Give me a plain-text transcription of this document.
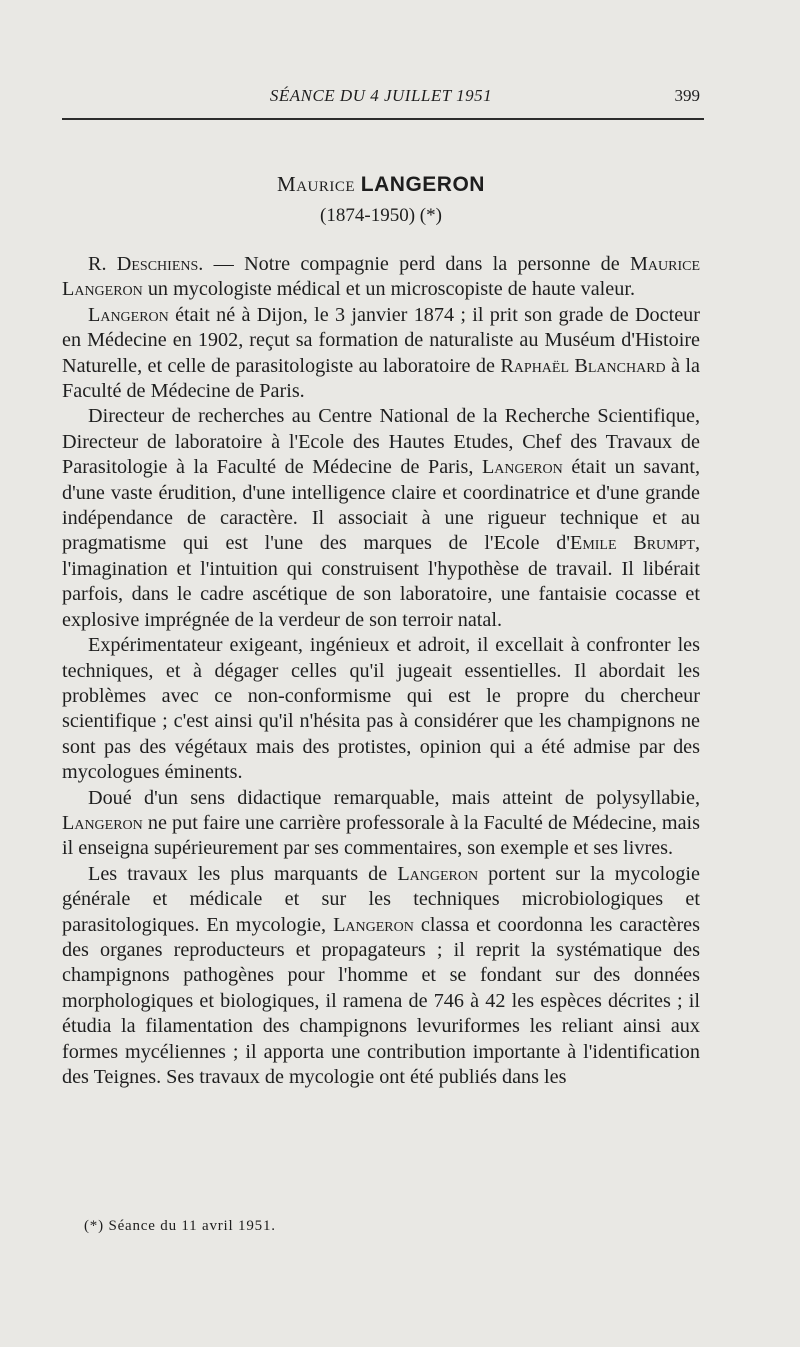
SÉANCE DU 4 JUILLET 1951	399
Maurice LANGERON
(1874-1950) (*)

R. Deschiens. — Notre compagnie perd dans la personne de Maurice Langeron un mycologiste médical et un microscopiste de haute valeur.

Langeron était né à Dijon, le 3 janvier 1874 ; il prit son grade de Docteur en Médecine en 1902, reçut sa formation de naturaliste au Muséum d'Histoire Naturelle, et celle de parasitologiste au laboratoire de Raphaël Blanchard à la Faculté de Médecine de Paris.

Directeur de recherches au Centre National de la Recherche Scientifique, Directeur de laboratoire à l'Ecole des Hautes Etudes, Chef des Travaux de Parasitologie à la Faculté de Médecine de Paris, Langeron était un savant, d'une vaste érudition, d'une intelligence claire et coordinatrice et d'une grande indépendance de caractère. Il associait à une rigueur technique et au pragmatisme qui est l'une des marques de l'Ecole d'Emile Brumpt, l'imagination et l'intuition qui construisent l'hypothèse de travail. Il libérait parfois, dans le cadre ascétique de son laboratoire, une fantaisie cocasse et explosive imprégnée de la verdeur de son terroir natal.

Expérimentateur exigeant, ingénieux et adroit, il excellait à confronter les techniques, et à dégager celles qu'il jugeait essentielles. Il abordait les problèmes avec ce non-conformisme qui est le propre du chercheur scientifique ; c'est ainsi qu'il n'hésita pas à considérer que les champignons ne sont pas des végétaux mais des protistes, opinion qui a été admise par des mycologues éminents.

Doué d'un sens didactique remarquable, mais atteint de polysyllabie, Langeron ne put faire une carrière professorale à la Faculté de Médecine, mais il enseigna supérieurement par ses commentaires, son exemple et ses livres.

Les travaux les plus marquants de Langeron portent sur la mycologie générale et médicale et sur les techniques microbiologiques et parasitologiques. En mycologie, Langeron classa et coordonna les caractères des organes reproducteurs et propagateurs ; il reprit la systématique des champignons pathogènes pour l'homme et se fondant sur des données morphologiques et biologiques, il ramena de 746 à 42 les espèces décrites ; il étudia la filamentation des champignons levuriformes les reliant ainsi aux formes mycéliennes ; il apporta une contribution importante à l'identification des Teignes. Ses travaux de mycologie ont été publiés dans les

(*) Séance du 11 avril 1951.
